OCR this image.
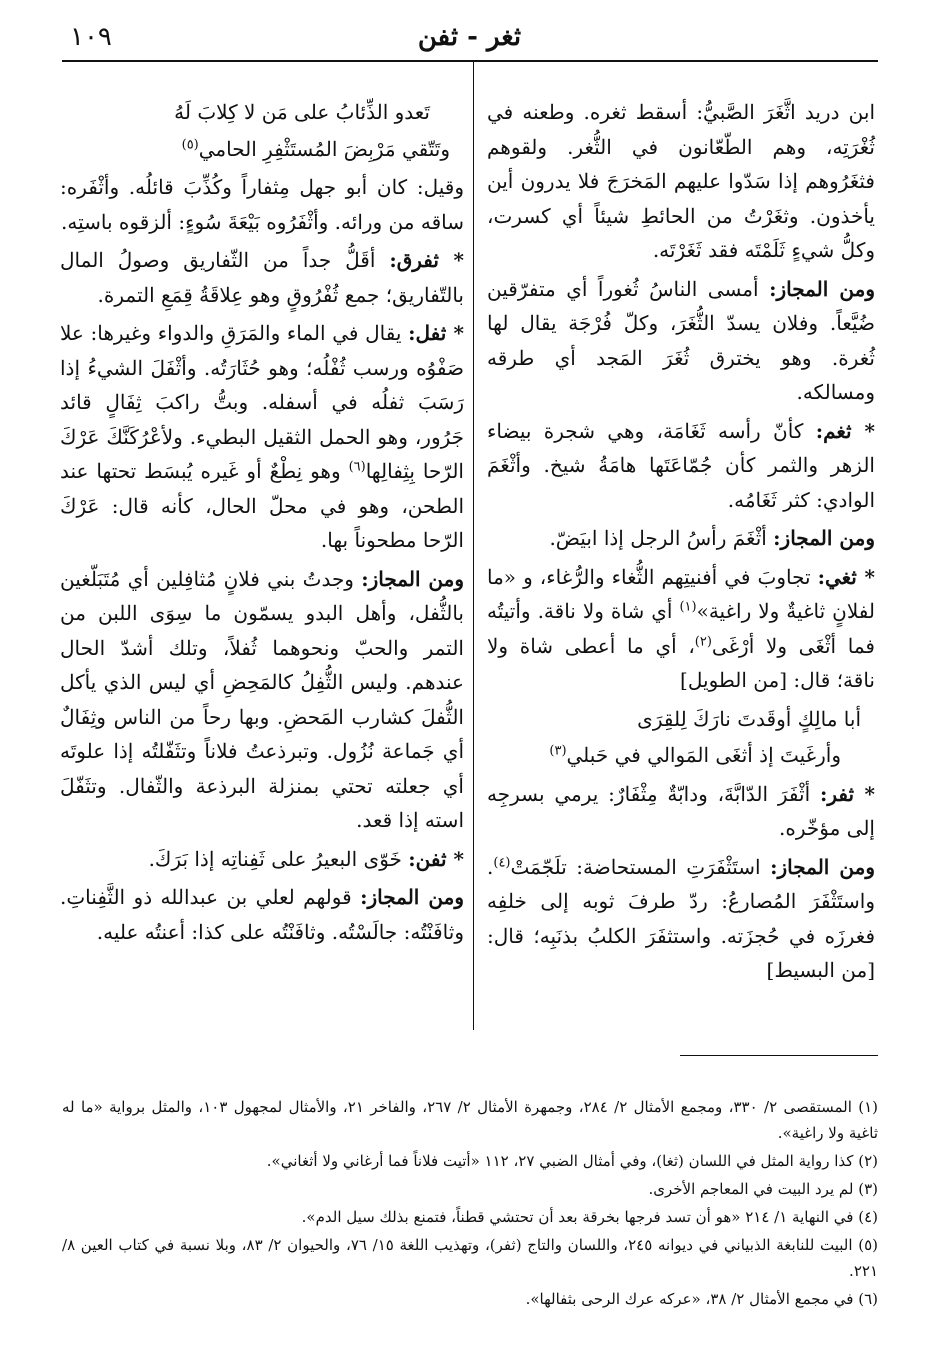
ثغر - ثفن
١٠٩

ابن دريد اثَّغَرَ الصَّبيُّ: أسقط ثغره. وطعنه في ثُغْرَتِه، وهم الطّعّانون في الثُّغر. ولقوهم فثغَرُوهم إذا سَدّوا عليهم المَخرَجَ فلا يدرون أين يأخذون. وثغَرْتُ من الحائطِ شيئاً أي كسرت، وكلُّ شيءٍ ثَلَمْتَه فقد ثَغَرْتَه.

ومن المجاز: أمسى الناسُ ثُغوراً أي متفرّقين ضُيَّعاً. وفلان يسدّ الثُّغَرَ، وكلّ فُرْجَة يقال لها ثُغرة. وهو يخترق ثُغَرَ المَجد أي طرقه ومسالكه.

* ثغم: كأنّ رأسه ثَغَامَة، وهي شجرة بيضاء الزهر والثمر كأن جُمّاعَتَها هامَةُ شيخ. وأثْغَمَ الوادي: كثر ثَغَامُه.

ومن المجاز: أثْغَمَ رأسُ الرجل إذا ابيَضّ.

* ثغي: تجاوبَ في أفنيتِهم الثُّغاء والرُّغاء، و «ما لفلانٍ ثاغيةٌ ولا راغية»$^{(١)}$ أي شاة ولا ناقة. وأتيتُه فما أثْغَى ولا أرْغَى$^{(٢)}$، أي ما أعطى شاة ولا ناقة؛ قال: [من الطويل]

أبا مالِكٍ أوقَدتَ نارَكَ لِلقِرَى
وأرغَيتَ إذ أثغَى المَوالي في حَبلي$^{(٣)}$

* ثفر: أثْفَرَ الدّابَّةَ، ودابّةٌ مِثْفَارٌ: يرمي بسرجِه إلى مؤخّره.

ومن المجاز: استَثْفَرَتِ المستحاضة: تلَجّمَتْ$^{(٤)}$. واستَثْفَرَ المُصارعُ: ردّ طرفَ ثوبه إلى خلفِه فغرزَه في حُجزَته. واستثفَرَ الكلبُ بذنَبِه؛ قال: [من البسيط]

تَعدو الذِّئابُ على مَن لا كِلابَ لَهُ
وتَتّقي مَرْبِضَ المُستَثْفِرِ الحامي$^{(٥)}$

وقيل: كان أبو جهل مِثفاراً وكُذِّبَ قائلُه. وأثْفَره: ساقه من ورائه. وأثْفَرُوه بَيْعَةَ سُوءٍ: ألزقوه باستِه.

* ثفرق: أقَلُّ جداً من الثّفاريق وصولُ المال بالتّفاريق؛ جمع ثُفْرُوقٍ وهو عِلاقَةُ قِمَعِ التمرة.

* ثفل: يقال في الماء والمَرَقِ والدواء وغيرها: علا صَفْوُه ورسب ثُفْلُه؛ وهو حُثَارَتُه. وأثْفَلَ الشيءُ إذا رَسَبَ ثفلُه في أسفله. وبتُّ راكبَ ثِفَالٍ قائد جَرُور، وهو الحمل الثقيل البطيء. ولأعْرُكَنَّكَ عَرْكَ الرّحا بِثِفالِها$^{(٦)}$ وهو نِطْعٌ أو غَيره يُبسَط تحتها عند الطحن، وهو في محلّ الحال، كأنه قال: عَرْكَ الرّحا مطحوناً بها.

ومن المجاز: وجدتُ بني فلانٍ مُثافِلين أي مُتَبَلّغين بالثُّفل، وأهل البدو يسمّون ما سِوَى اللبن من التمر والحبّ ونحوهما ثُفلاً، وتلك أشدّ الحال عندهم. وليس الثُّفِلُ كالمَحِضِ أي ليس الذي يأكل الثُّفلَ كشارب المَحضِ. وبها رحاً من الناس وثِفَالٌ أي جَماعة نُزُول. وتبرذعتُ فلاناً وتثَفّلتُه إذا علوتَه أي جعلته تحتي بمنزلة البرذعة والثّفال. وتثَفّلَ استه إذا قعد.

* ثفن: خَوّى البعيرُ على ثَفِناتِه إذا بَرَكَ.

ومن المجاز: قولهم لعلي بن عبدالله ذو الثَّفِناتِ. وثافَنْتُه: جالَسْتُه. وثافَنْتُه على كذا: أعنتُه عليه.

(١) المستقصى ٢/ ٣٣٠، ومجمع الأمثال ٢/ ٢٨٤، وجمهرة الأمثال ٢/ ٢٦٧، والفاخر ٢١، والأمثال لمجهول ١٠٣، والمثل برواية «ما له ثاغية ولا راغية».

(٢) كذا رواية المثل في اللسان (ثغا)، وفي أمثال الضبي ٢٧، ١١٢ «أتيت فلاناً فما أرغاني ولا أثغاني».

(٣) لم يرد البيت في المعاجم الأخرى.

(٤) في النهاية ١/ ٢١٤ «هو أن تسد فرجها بخرقة بعد أن تحتشي قطناً، فتمنع بذلك سيل الدم».

(٥) البيت للنابغة الذبياني في ديوانه ٢٤٥، واللسان والتاج (ثفر)، وتهذيب اللغة ١٥/ ٧٦، والحيوان ٢/ ٨٣، وبلا نسبة في كتاب العين ٨/ ٢٢١.

(٦) في مجمع الأمثال ٢/ ٣٨، «عركه عرك الرحى بثفالها».
